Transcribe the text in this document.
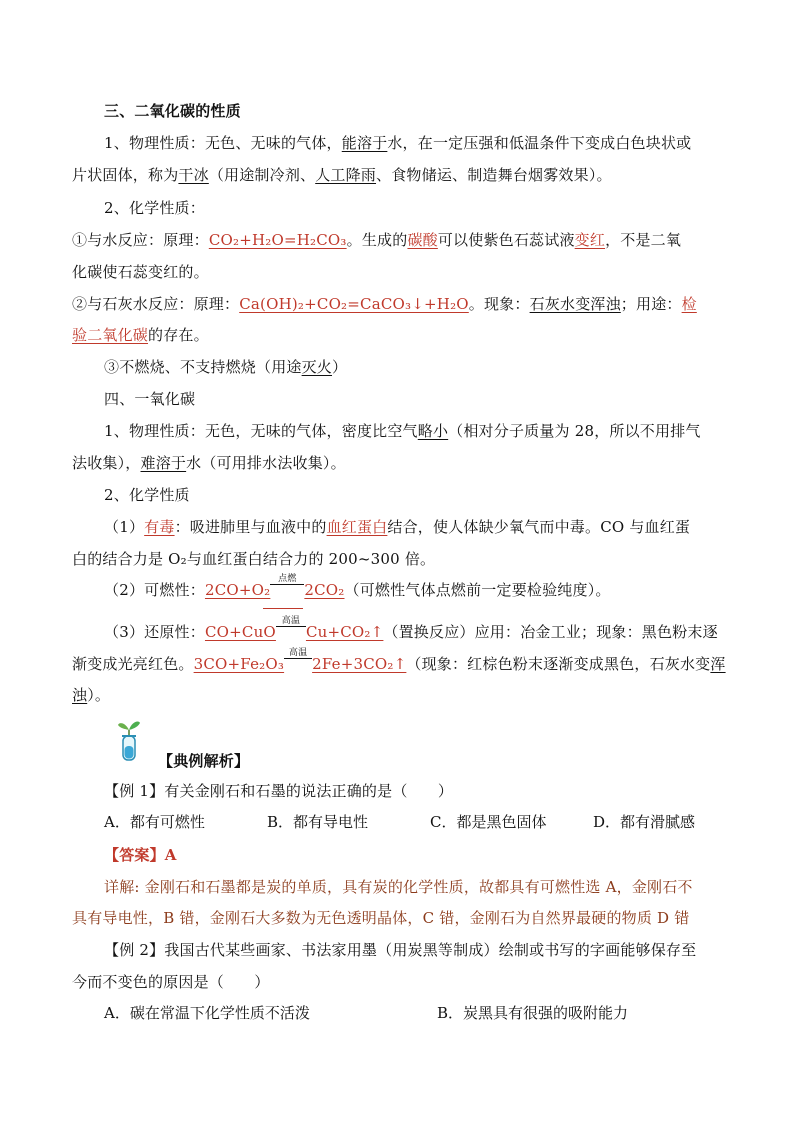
三、二氧化碳的性质
1、物理性质：无色、无味的气体，能溶于水，在一定压强和低温条件下变成白色块状或
片状固体，称为干冰（用途制冷剂、人工降雨、食物储运、制造舞台烟雾效果）。
2、化学性质：
①与水反应：原理：CO₂+H₂O=H₂CO₃。生成的碳酸可以使紫色石蕊试液变红，不是二氧
化碳使石蕊变红的。
②与石灰水反应：原理：Ca(OH)₂+CO₂=CaCO₃↓+H₂O。现象：石灰水变浑浊；用途：检
验二氧化碳的存在。
③不燃烧、不支持燃烧（用途灭火）
四、一氧化碳
1、物理性质：无色，无味的气体，密度比空气略小（相对分子质量为 28，所以不用排气
法收集），难溶于水（可用排水法收集）。
2、化学性质
（1）有毒：吸进肺里与血液中的血红蛋白结合，使人体缺少氧气而中毒。CO 与血红蛋
白的结合力是 O₂与血红蛋白结合力的 200~300 倍。
（2）可燃性：2CO+O₂
点燃
2CO₂（可燃性气体点燃前一定要检验纯度）。
（3）还原性：CO+CuO
高温
Cu+CO₂↑（置换反应）应用：冶金工业；现象：黑色粉末逐
渐变成光亮红色。3CO+Fe₂O₃
高温
2Fe+3CO₂↑（现象：红棕色粉末逐渐变成黑色，石灰水变浑
浊）。
【典例解析】
【例 1】有关金刚石和石墨的说法正确的是（　　）
A．都有可燃性	B．都有导电性	C．都是黑色固体	D．都有滑腻感
【答案】A
详解: 金刚石和石墨都是炭的单质，具有炭的化学性质，故都具有可燃性选 A，金刚石不
具有导电性，B 错，金刚石大多数为无色透明晶体，C 错，金刚石为自然界最硬的物质 D 错
【例 2】我国古代某些画家、书法家用墨（用炭黑等制成）绘制或书写的字画能够保存至
今而不变色的原因是（　　）
A．碳在常温下化学性质不活泼	B．炭黑具有很强的吸附能力
